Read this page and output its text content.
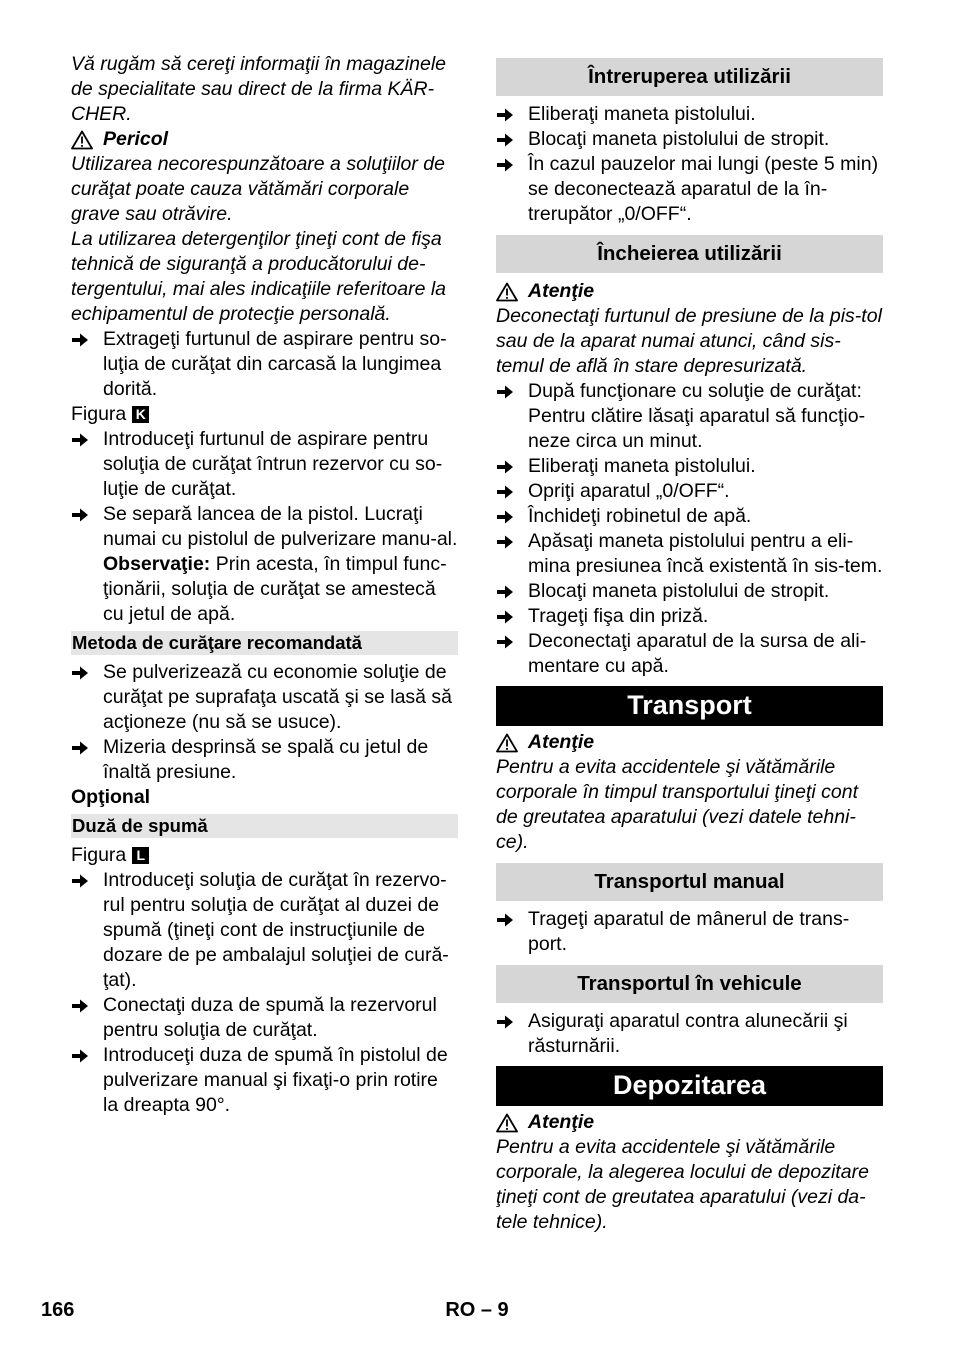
Vă rugăm să cereţi informaţii în magazinele de specialitate sau direct de la firma KÄR-CHER.

Pericol

Utilizarea necorespunzătoare a soluţiilor de curăţat poate cauza vătămări corporale grave sau otrăvire.

La utilizarea detergenţilor ţineţi cont de fişa tehnică de siguranţă a producătorului de-tergentului, mai ales indicaţiile referitoare la echipamentul de protecţie personală.

Extrageţi furtunul de aspirare pentru so-luţia de curăţat din carcasă la lungimea dorită.
Figura K
Introduceţi furtunul de aspirare pentru soluţia de curăţat întrun rezervor cu so-luţie de curăţat.
Se separă lancea de la pistol. Lucraţi numai cu pistolul de pulverizare manu-al.

Observaţie: Prin acesta, în timpul func-ţionării, soluţia de curăţat se amestecă cu jetul de apă.

Metoda de curăţare recomandată
Se pulverizează cu economie soluţie de curăţat pe suprafaţa uscată şi se lasă să acţioneze (nu să se usuce).
Mizeria desprinsă se spală cu jetul de înaltă presiune.

Opţional

Duză de spumă
Figura L
Introduceţi soluţia de curăţat în rezervo-rul pentru soluţia de curăţat al duzei de spumă (ţineţi cont de instrucţiunile de dozare de pe ambalajul soluţiei de cură-ţat).
Conectaţi duza de spumă la rezervorul pentru soluţia de curăţat.
Introduceţi duza de spumă în pistolul de pulverizare manual şi fixaţi-o prin rotire la dreapta 90°.
Întreruperea utilizării
Eliberaţi maneta pistolului.
Blocaţi maneta pistolului de stropit.
În cazul pauzelor mai lungi (peste 5 min) se deconectează aparatul de la în-trerupător „0/OFF“.
Încheierea utilizării
Atenţie

Deconectaţi furtunul de presiune de la pis-tol sau de la aparat numai atunci, când sis-temul de află în stare depresurizată.

După funcţionare cu soluţie de curăţat: Pentru clătire lăsaţi aparatul să funcţio-neze circa un minut.
Eliberaţi maneta pistolului.
Opriţi aparatul „0/OFF“.
Închideţi robinetul de apă.
Apăsaţi maneta pistolului pentru a eli-mina presiunea încă existentă în sis-tem.
Blocaţi maneta pistolului de stropit.
Trageţi fişa din priză.
Deconectaţi aparatul de la sursa de ali-mentare cu apă.
Transport
Atenţie

Pentru a evita accidentele şi vătămările corporale în timpul transportului ţineţi cont de greutatea aparatului (vezi datele tehni-ce).

Transportul manual
Trageţi aparatul de mânerul de trans-port.
Transportul în vehicule
Asiguraţi aparatul contra alunecării şi răsturnării.
Depozitarea
Atenţie

Pentru a evita accidentele şi vătămările corporale, la alegerea locului de depozitare ţineţi cont de greutatea aparatului (vezi da-tele tehnice).

RO – 9
166
